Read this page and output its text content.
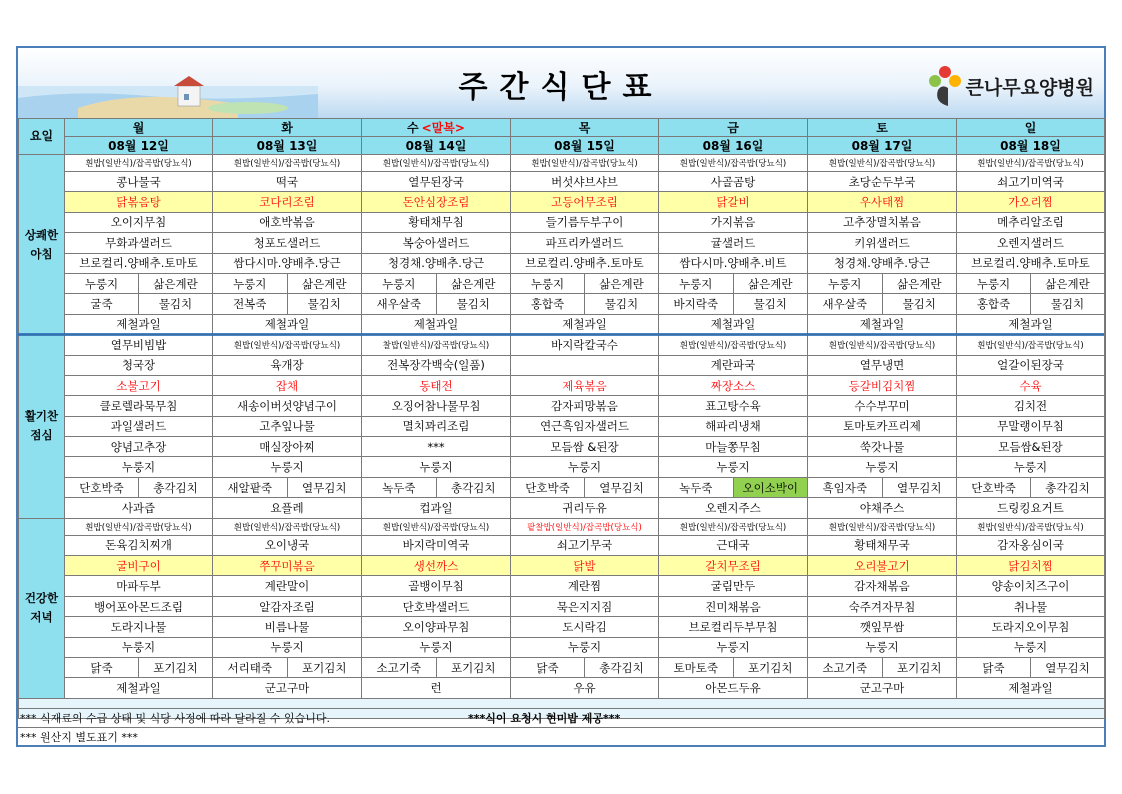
주간식단표	큰나무요양병원
요일	월	화	수 <말복>	목	금	토	일
	08월 12일	08월 13일	08월 14일	08월 15일	08월 16일	08월 17일	08월 18일
상쾌한 아침	흰밥(일반식)/잡곡밥(당뇨식)	흰밥(일반식)/잡곡밥(당뇨식)	흰밥(일반식)/잡곡밥(당뇨식)	흰밥(일반식)/잡곡밥(당뇨식)	흰밥(일반식)/잡곡밥(당뇨식)	흰밥(일반식)/잡곡밥(당뇨식)	흰밥(일반식)/잡곡밥(당뇨식)
	콩나물국	떡국	열무된장국	버섯샤브샤브	사골곰탕	초당순두부국	쇠고기미역국
	닭볶음탕	코다리조림	돈안심장조림	고등어무조림	닭갈비	우사태찜	가오리찜
	오이지무침	애호박볶음	황태채무침	들기름두부구이	가지볶음	고추장멸치볶음	메추리알조림
	무화과샐러드	청포도샐러드	복숭아샐러드	파프리카샐러드	귤샐러드	키위샐러드	오렌지샐러드
	브로컬리.양배추.토마토	쌈다시마.양배추.당근	청경채.양배추.당근	브로컬리.양배추.토마토	쌈다시마.양배추.비트	청경채.양배추.당근	브로컬리.양배추.토마토

누룽지 삶은계란	누룽지 삶은계란	누룽지 삶은계란	누룽지 삶은계란	누룽지 삶은계란	누룽지 삶은계란	누룽지 삶은계란

굴죽 물김치	전복죽 물김치	새우살죽 물김치	홍합죽 물김치	바지락죽 물김치	새우살죽 물김치	홍합죽 물김치

	제철과일	제철과일	제철과일	제철과일	제철과일	제철과일	제철과일
활기찬 점심	열무비빔밥	흰밥(일반식)/잡곡밥(당뇨식)	찰밥(일반식)/잡곡밥(당뇨식)	바지락칼국수	흰밥(일반식)/잡곡밥(당뇨식)	흰밥(일반식)/잡곡밥(당뇨식)	흰밥(일반식)/잡곡밥(당뇨식)
	청국장	육개장	전복장각백숙(일품)		계란파국	열무냉면	얼갈이된장국
	소불고기	잡채	동태전	제육볶음	짜장소스	등갈비김치찜	수육
	클로렐라묵무침	새송이버섯양념구이	오징어참나물무침	감자피망볶음	표고탕수육	수수부꾸미	김치전
	과일샐러드	고추잎나물	멸치꽈리조림	연근흑임자샐러드	해파리냉채	토마토카프리제	무말랭이무침
	양념고추장	매실장아찌	***	모듬쌈 &된장	마늘쫑무침	쑥갓나물	모듬쌈&된장
	누룽지	누룽지	누룽지	누룽지	누룽지	누룽지	누룽지

단호박죽 총각김치	새알팥죽 열무김치	녹두죽 총각김치	단호박죽 열무김치	녹두죽 오이소박이	흑임자죽 열무김치	단호박죽 총각김치

	사과즙	요플레	컵과일	귀리두유	오렌지주스	야채주스	드링킹요거트
건강한 저녁	흰밥(일반식)/잡곡밥(당뇨식)	흰밥(일반식)/잡곡밥(당뇨식)	흰밥(일반식)/잡곡밥(당뇨식)	팥찰밥(일반식)/잡곡밥(당뇨식)	흰밥(일반식)/잡곡밥(당뇨식)	흰밥(일반식)/잡곡밥(당뇨식)	흰밥(일반식)/잡곡밥(당뇨식)
	돈육김치찌개	오이냉국	바지락미역국	쇠고기무국	근대국	황태채무국	감자옹심이국
	굴비구이	쭈꾸미볶음	생선까스	닭발	갈치무조림	오리불고기	닭김치찜
	마파두부	계란말이	골뱅이무침	계란찜	굴림만두	감자채볶음	양송이치즈구이
	뱅어포아몬드조림	알감자조림	단호박샐러드	묵은지지짐	진미채볶음	숙주겨자무침	취나물
	도라지나물	비름나물	오이양파무침	도시락김	브로컬리두부무침	깻잎무쌈	도라지오이무침
	누룽지	누룽지	누룽지	누룽지	누룽지	누룽지	누룽지

닭죽 포기김치	서리태죽 포기김치	소고기죽 포기김치	닭죽 총각김치	토마토죽 포기김치	소고기죽 포기김치	닭죽 열무김치

	제철과일	군고구마	런	우유	아몬드두유	군고구마	제철과일

*** 식재료의 수급 상태 및 식당 사정에 따라 달라질 수 있습니다.	***식이 요청시 현미밥 제공***
*** 원산지 별도표기 ***
